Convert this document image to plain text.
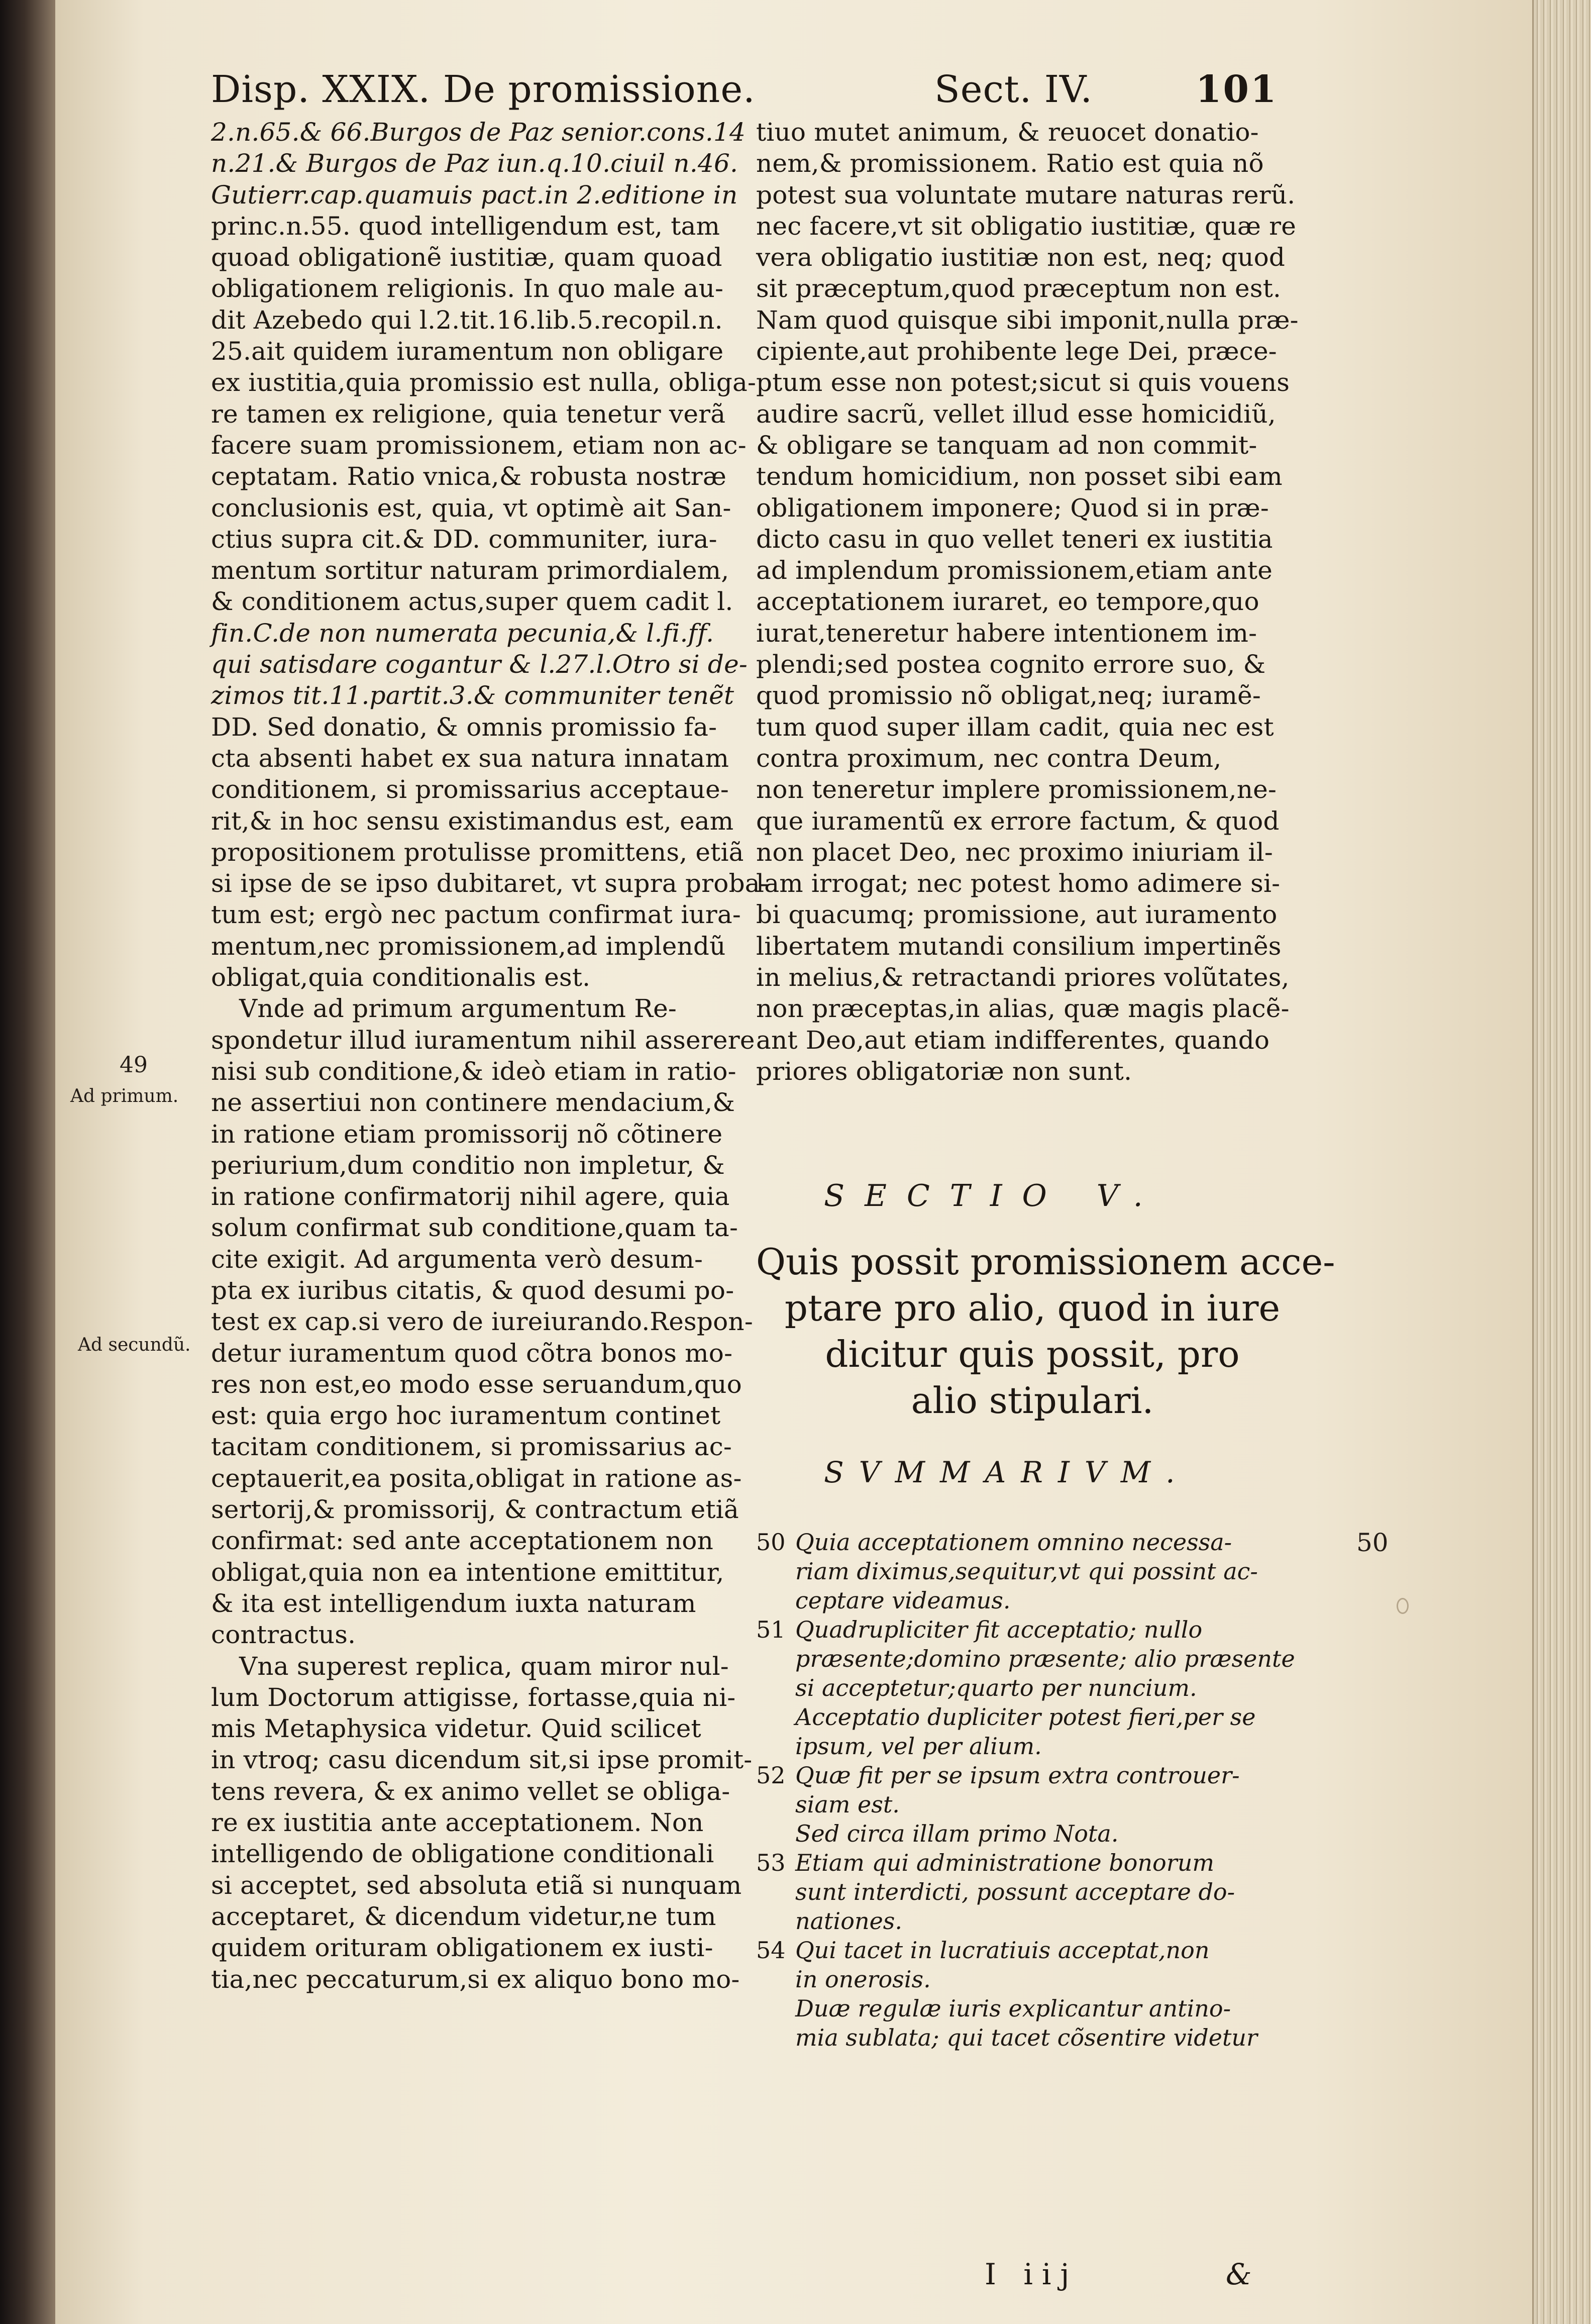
Disp. XXIX. De promissione.	Sect. IV.	101
2.n.65.& 66.Burgos de Paz senior.cons.14
n.21.& Burgos de Paz iun.q.10.ciuil n.46.
Gutierr.cap.quamuis pact.in 2.editione in
princ.n.55. quod intelligendum est, tam
quoad obligationẽ iustitiæ, quam quoad
obligationem religionis. In quo male au-
dit Azebedo qui l.2.tit.16.lib.5.recopil.n.
25.ait quidem iuramentum non obligare
ex iustitia,quia promissio est nulla, obliga-
re tamen ex religione, quia tenetur verã
facere suam promissionem, etiam non ac-
ceptatam. Ratio vnica,& robusta nostræ
conclusionis est, quia, vt optimè ait San-
ctius supra cit.& DD. communiter, iura-
mentum sortitur naturam primordialem,
& conditionem actus,super quem cadit l.
fin.C.de non numerata pecunia,& l.fi.ff.
qui satisdare cogantur & l.27.l.Otro si de-
zimos tit.11.partit.3.& communiter tenẽt
DD. Sed donatio, & omnis promissio fa-
cta absenti habet ex sua natura innatam
conditionem, si promissarius acceptaue-
rit,& in hoc sensu existimandus est, eam
propositionem protulisse promittens, etiã
si ipse de se ipso dubitaret, vt supra proba-
tum est; ergò nec pactum confirmat iura-
mentum,nec promissionem,ad implendũ
obligat,quia conditionalis est.
Vnde ad primum argumentum Re-
spondetur illud iuramentum nihil asserere
nisi sub conditione,& ideò etiam in ratio-
ne assertiui non continere mendacium,&
in ratione etiam promissorij nõ cõtinere
periurium,dum conditio non impletur, &
in ratione confirmatorij nihil agere, quia
solum confirmat sub conditione,quam ta-
cite exigit. Ad argumenta verò desum-
pta ex iuribus citatis, & quod desumi po-
test ex cap.si vero de iureiurando.Respon-
detur iuramentum quod cõtra bonos mo-
res non est,eo modo esse seruandum,quo
est: quia ergo hoc iuramentum continet
tacitam conditionem, si promissarius ac-
ceptauerit,ea posita,obligat in ratione as-
sertorij,& promissorij, & contractum etiã
confirmat: sed ante acceptationem non
obligat,quia non ea intentione emittitur,
& ita est intelligendum iuxta naturam
contractus.
Vna superest replica, quam miror nul-
lum Doctorum attigisse, fortasse,quia ni-
mis Metaphysica videtur. Quid scilicet
in vtroq; casu dicendum sit,si ipse promit-
tens revera, & ex animo vellet se obliga-
re ex iustitia ante acceptationem. Non
intelligendo de obligatione conditionali
si acceptet, sed absoluta etiã si nunquam
acceptaret, & dicendum videtur,ne tum
quidem orituram obligationem ex iusti-
tia,nec peccaturum,si ex aliquo bono mo-
tiuo mutet animum, & reuocet donatio-
nem,& promissionem. Ratio est quia nõ
potest sua voluntate mutare naturas rerũ.
nec facere,vt sit obligatio iustitiæ, quæ re
vera obligatio iustitiæ non est, neq; quod
sit præceptum,quod præceptum non est.
Nam quod quisque sibi imponit,nulla præ-
cipiente,aut prohibente lege Dei, præce-
ptum esse non potest;sicut si quis vouens
audire sacrũ, vellet illud esse homicidiũ,
& obligare se tanquam ad non commit-
tendum homicidium, non posset sibi eam
obligationem imponere; Quod si in præ-
dicto casu in quo vellet teneri ex iustitia
ad implendum promissionem,etiam ante
acceptationem iuraret, eo tempore,quo
iurat,teneretur habere intentionem im-
plendi;sed postea cognito errore suo, &
quod promissio nõ obligat,neq; iuramẽ-
tum quod super illam cadit, quia nec est
contra proximum, nec contra Deum,
non teneretur implere promissionem,ne-
que iuramentũ ex errore factum, & quod
non placet Deo, nec proximo iniuriam il-
lam irrogat; nec potest homo adimere si-
bi quacumq; promissione, aut iuramento
libertatem mutandi consilium impertinẽs
in melius,& retractandi priores volũtates,
non præceptas,in alias, quæ magis placẽ-
ant Deo,aut etiam indifferentes, quando
priores obligatoriæ non sunt.
49
Ad primum.
Ad secundũ.
SECTIO V.
Quis possit promissionem acce-
ptare pro alio, quod in iure
dicitur quis possit, pro
alio stipulari.
SVMMARIVM.
50 Quia acceptationem omnino necessa-
riam diximus,sequitur,vt qui possint ac-
ceptare videamus.
51 Quadrupliciter fit acceptatio; nullo
præsente;domino præsente; alio præsente
si acceptetur;quarto per nuncium.
Acceptatio dupliciter potest fieri,per se
ipsum, vel per alium.
52 Quæ fit per se ipsum extra controuer-
siam est.
Sed circa illam primo Nota.
53 Etiam qui administratione bonorum
sunt interdicti, possunt acceptare do-
nationes.
54 Qui tacet in lucratiuis acceptat,non
in onerosis.
Duæ regulæ iuris explicantur antino-
mia sublata; qui tacet cõsentire videtur
50
I iij	&
